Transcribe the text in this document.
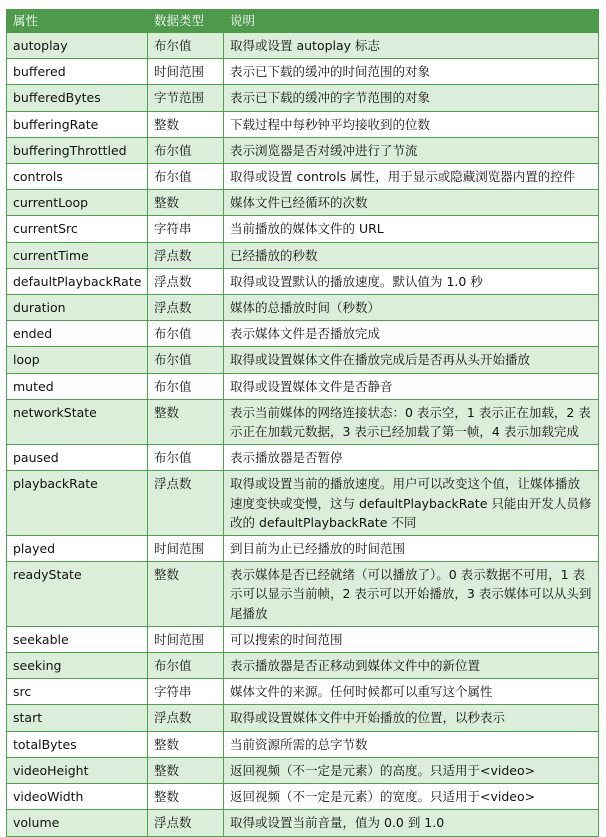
属性	数据类型	说明
autoplay	布尔值	取得或设置 autoplay 标志
buffered	时间范围	表示已下载的缓冲的时间范围的对象
bufferedBytes	字节范围	表示已下载的缓冲的字节范围的对象
bufferingRate	整数	下载过程中每秒钟平均接收到的位数
bufferingThrottled	布尔值	表示浏览器是否对缓冲进行了节流
controls	布尔值	取得或设置 controls 属性，用于显示或隐藏浏览器内置的控件
currentLoop	整数	媒体文件已经循环的次数
currentSrc	字符串	当前播放的媒体文件的 URL
currentTime	浮点数	已经播放的秒数
defaultPlaybackRate	浮点数	取得或设置默认的播放速度。默认值为 1.0 秒
duration	浮点数	媒体的总播放时间（秒数）
ended	布尔值	表示媒体文件是否播放完成
loop	布尔值	取得或设置媒体文件在播放完成后是否再从头开始播放
muted	布尔值	取得或设置媒体文件是否静音
networkState	整数	表示当前媒体的网络连接状态：0 表示空，1 表示正在加载，2 表示正在加载元数据，3 表示已经加载了第一帧，4 表示加载完成
paused	布尔值	表示播放器是否暂停
playbackRate	浮点数	取得或设置当前的播放速度。用户可以改变这个值，让媒体播放速度变快或变慢，这与 defaultPlaybackRate 只能由开发人员修改的 defaultPlaybackRate 不同
played	时间范围	到目前为止已经播放的时间范围
readyState	整数	表示媒体是否已经就绪（可以播放了）。0 表示数据不可用，1 表示可以显示当前帧，2 表示可以开始播放，3 表示媒体可以从头到尾播放
seekable	时间范围	可以搜索的时间范围
seeking	布尔值	表示播放器是否正移动到媒体文件中的新位置
src	字符串	媒体文件的来源。任何时候都可以重写这个属性
start	浮点数	取得或设置媒体文件中开始播放的位置，以秒表示
totalBytes	整数	当前资源所需的总字节数
videoHeight	整数	返回视频（不一定是元素）的高度。只适用于<video>
videoWidth	整数	返回视频（不一定是元素）的宽度。只适用于<video>
volume	浮点数	取得或设置当前音量，值为 0.0 到 1.0
